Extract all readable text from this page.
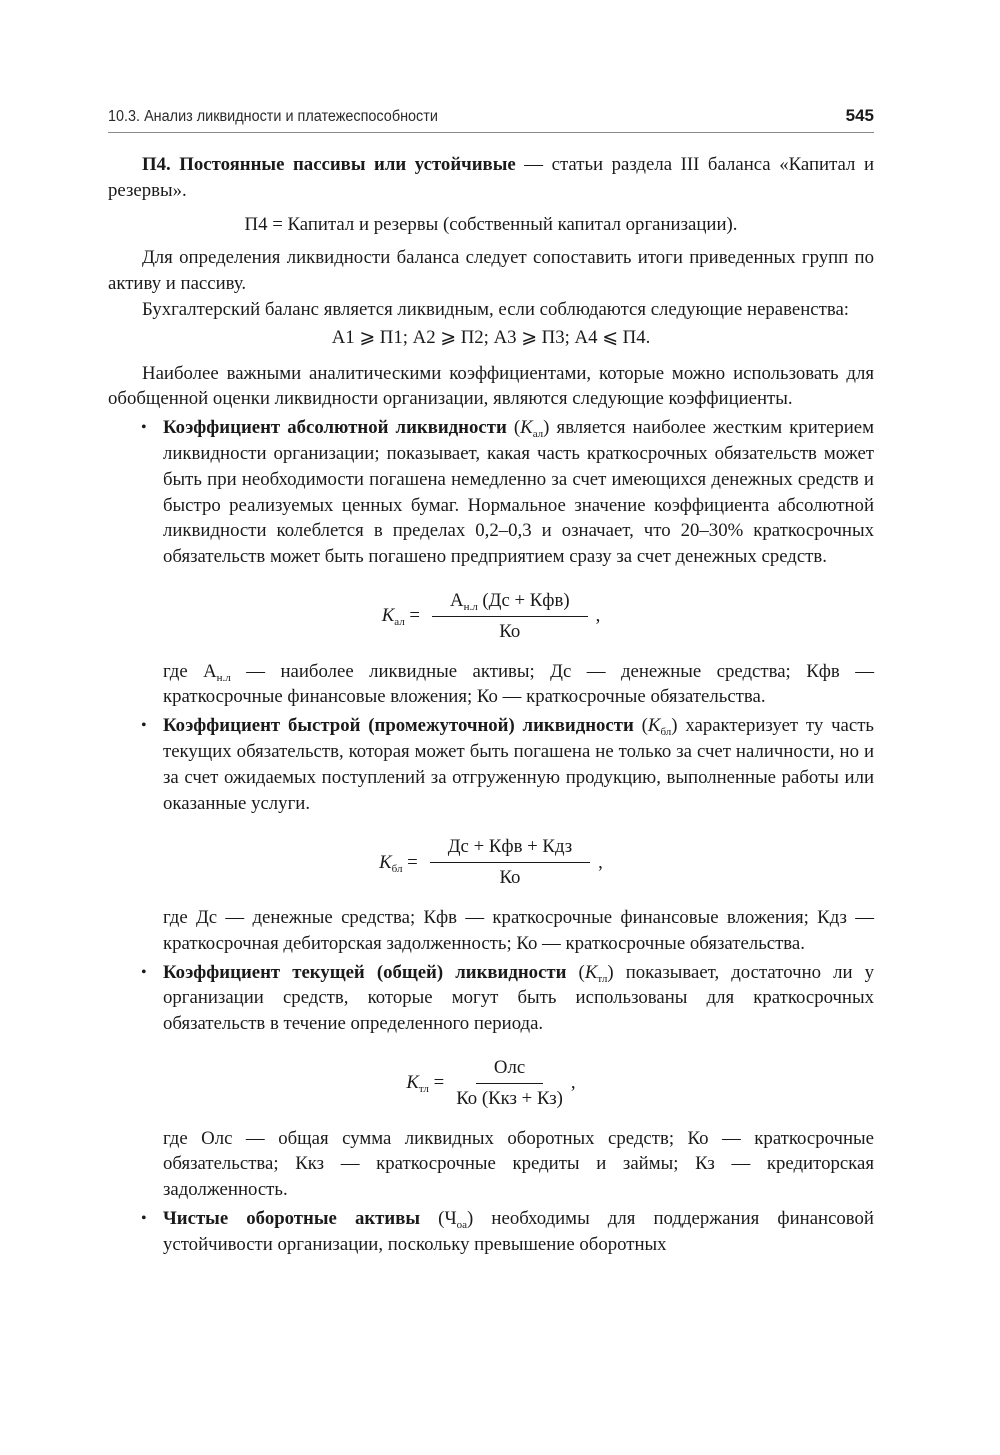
10.3. Анализ ликвидности и платежеспособности	545

П4. Постоянные пассивы или устойчивые — статьи раздела III баланса «Капитал и резервы».

П4 = Капитал и резервы (собственный капитал организации).

Для определения ликвидности баланса следует сопоставить итоги приведенных групп по активу и пассиву.

Бухгалтерский баланс является ликвидным, если соблюдаются следующие неравенства:

А1 ⩾ П1; А2 ⩾ П2; А3 ⩾ П3; А4 ⩽ П4.

Наиболее важными аналитическими коэффициентами, которые можно использовать для обобщенной оценки ликвидности организации, являются следующие коэффициенты.

• Коэффициент абсолютной ликвидности $(K_{ал})$ является наиболее жестким критерием ликвидности организации; показывает, какая часть краткосрочных обязательств может быть при необходимости погашена немедленно за счет имеющихся денежных средств и быстро реализуемых ценных бумаг. Нормальное значение коэффициента абсолютной ликвидности колеблется в пределах 0,2–0,3 и означает, что 20–30% краткосрочных обязательств может быть погашено предприятием сразу за счет денежных средств.

$K_{ал} = \frac{А_{н.л} (Дс + Кфв)}{Ко}$ ,

где $А_{н.л}$ — наиболее ликвидные активы; Дс — денежные средства; Кфв — краткосрочные финансовые вложения; Ко — краткосрочные обязательства.

• Коэффициент быстрой (промежуточной) ликвидности $(K_{бл})$ характеризует ту часть текущих обязательств, которая может быть погашена не только за счет наличности, но и за счет ожидаемых поступлений за отгруженную продукцию, выполненные работы или оказанные услуги.

$K_{бл} = \frac{\text{Дс + Кфв + Кдз}}{Ко}$ ,

где Дс — денежные средства; Кфв — краткосрочные финансовые вложения; Кдз — краткосрочная дебиторская задолженность; Ко — краткосрочные обязательства.

• Коэффициент текущей (общей) ликвидности $(K_{тл})$ показывает, достаточно ли у организации средств, которые могут быть использованы для краткосрочных обязательств в течение определенного периода.

$K_{тл} = \frac{\text{Олс}}{\text{Ко (Ккз + Кз)}}$ ,

где Олс — общая сумма ликвидных оборотных средств; Ко — краткосрочные обязательства; Ккз — краткосрочные кредиты и займы; Кз — кредиторская задолженность.

• Чистые оборотные активы $(Ч_{оа})$ необходимы для поддержания финансовой устойчивости организации, поскольку превышение оборотных
